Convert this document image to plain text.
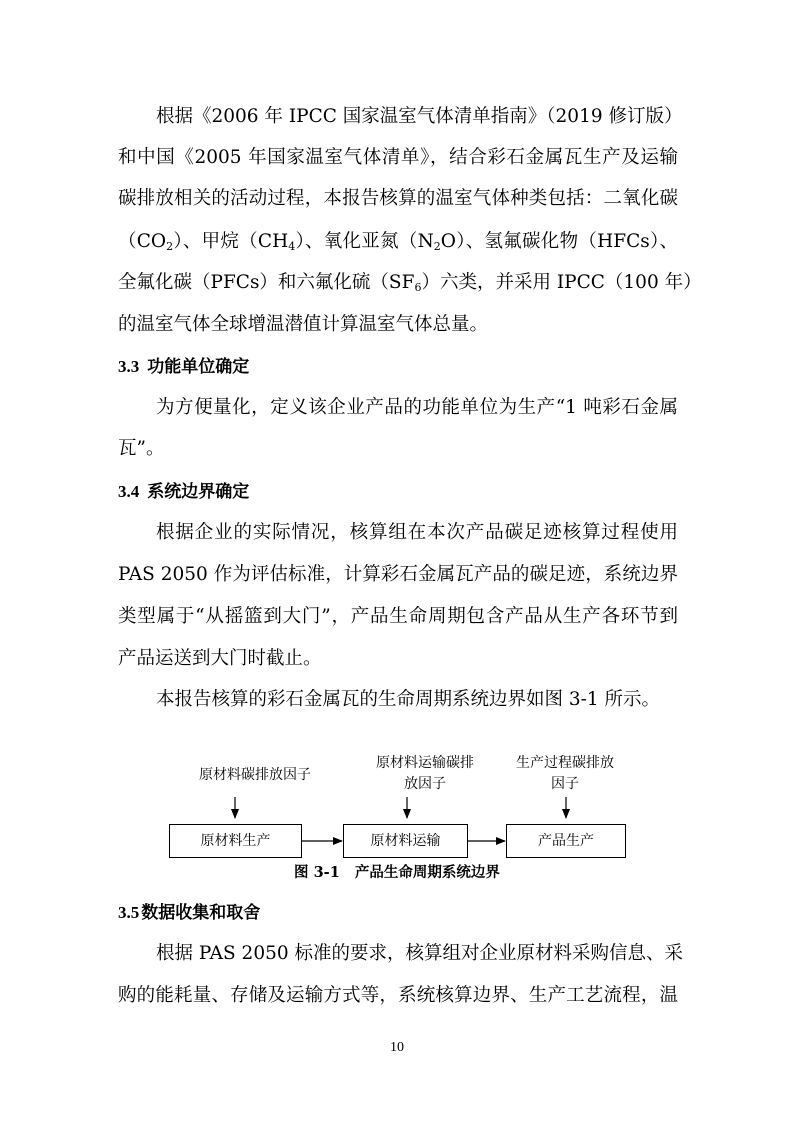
根据《2006 年 IPCC 国家温室气体清单指南》（2019 修订版）
和中国《2005 年国家温室气体清单》，结合彩石金属瓦生产及运输
碳排放相关的活动过程，本报告核算的温室气体种类包括：二氧化碳
$(CO_2)$、甲烷$(CH_4)$、氧化亚氮$(N_2O)$、氢氟碳化物（HFCs）、
全氟化碳（PFCs）和六氟化硫$(SF_6)$六类，并采用 IPCC（100 年）
的温室气体全球增温潜值计算温室气体总量。
3.3 功能单位确定
为方便量化，定义该企业产品的功能单位为生产“1 吨彩石金属
瓦”。
3.4 系统边界确定
根据企业的实际情况，核算组在本次产品碳足迹核算过程使用
PAS 2050 作为评估标准，计算彩石金属瓦产品的碳足迹，系统边界
类型属于“从摇篮到大门”，产品生命周期包含产品从生产各环节到
产品运送到大门时截止。
本报告核算的彩石金属瓦的生命周期系统边界如图 3-1 所示。
原材料碳排放因子
原材料运输碳排
放因子
生产过程碳排放
因子
原材料生产	原材料运输	产品生产
图 3-1   产品生命周期系统边界
3.5 数据收集和取舍
根据 PAS 2050 标准的要求，核算组对企业原材料采购信息、采
购的能耗量、存储及运输方式等，系统核算边界、生产工艺流程，温
10
